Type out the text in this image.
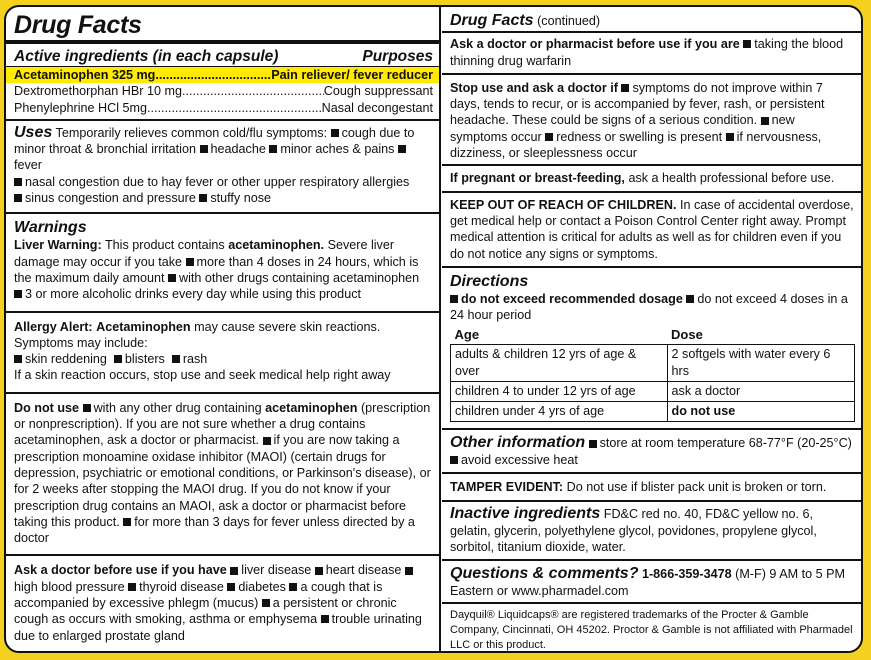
Drug Facts
Active ingredients (in each capsule)	Purposes
Acetaminophen 325 mg .....	Pain reliever/ fever reducer
Dextromethorphan HBr 10 mg .....	Cough suppressant
Phenylephrine HCl 5mg .....	Nasal decongestant
Uses Temporarily relieves common cold/flu symptoms: cough due to minor throat & bronchial irritation headache minor aches & pains fever
nasal congestion due to hay fever or other upper respiratory allergies
sinus congestion and pressure stuffy nose
Warnings
Liver Warning: This product contains acetaminophen. Severe liver damage may occur if you take more than 4 doses in 24 hours, which is the maximum daily amount with other drugs containing acetaminophen
3 or more alcoholic drinks every day while using this product
Allergy Alert: Acetaminophen may cause severe skin reactions. Symptoms may include:
skin reddening blisters rash
If a skin reaction occurs, stop use and seek medical help right away
Do not use with any other drug containing acetaminophen (prescription or nonprescription). If you are not sure whether a drug contains acetaminophen, ask a doctor or pharmacist. if you are now taking a prescription monoamine oxidase inhibitor (MAOI) (certain drugs for depression, psychiatric or emotional conditions, or Parkinson's disease), or for 2 weeks after stopping the MAOI drug. If you do not know if your prescription drug contains an MAOI, ask a doctor or pharmacist before taking this product. for more than 3 days for fever unless directed by a doctor
Ask a doctor before use if you have liver disease heart disease high blood pressure thyroid disease diabetes a cough that is accompanied by excessive phlegm (mucus) a persistent or chronic cough as occurs with smoking, asthma or emphysema trouble urinating due to enlarged prostate gland
Drug Facts (continued)
Ask a doctor or pharmacist before use if you are taking the blood thinning drug warfarin
Stop use and ask a doctor if symptoms do not improve within 7 days, tends to recur, or is accompanied by fever, rash, or persistent headache. These could be signs of a serious condition. new symptoms occur redness or swelling is present if nervousness, dizziness, or sleeplessness occur
If pregnant or breast-feeding, ask a health professional before use.
KEEP OUT OF REACH OF CHILDREN. In case of accidental overdose, get medical help or contact a Poison Control Center right away. Prompt medical attention is critical for adults as well as for children even if you do not notice any signs or symptoms.
Directions
do not exceed recommended dosage do not exceed 4 doses in a 24 hour period
Age	Dose
adults & children 12 yrs of age & over	2 softgels with water every 6 hrs
children 4 to under 12 yrs of age	ask a doctor
children under 4 yrs of age	do not use
Other information store at room temperature 68-77°F (20-25°C)
avoid excessive heat
TAMPER EVIDENT: Do not use if blister pack unit is broken or torn.
Inactive ingredients FD&C red no. 40, FD&C yellow no. 6, gelatin, glycerin, polyethylene glycol, povidones, propylene glycol, sorbitol, titanium dioxide, water.
Questions & comments? 1-866-359-3478 (M-F) 9 AM to 5 PM Eastern or www.pharmadel.com
Dayquil® Liquidcaps® are registered trademarks of the Procter & Gamble Company, Cincinnati, OH 45202. Proctor & Gamble is not affiliated with Pharmadel LLC or this product.
